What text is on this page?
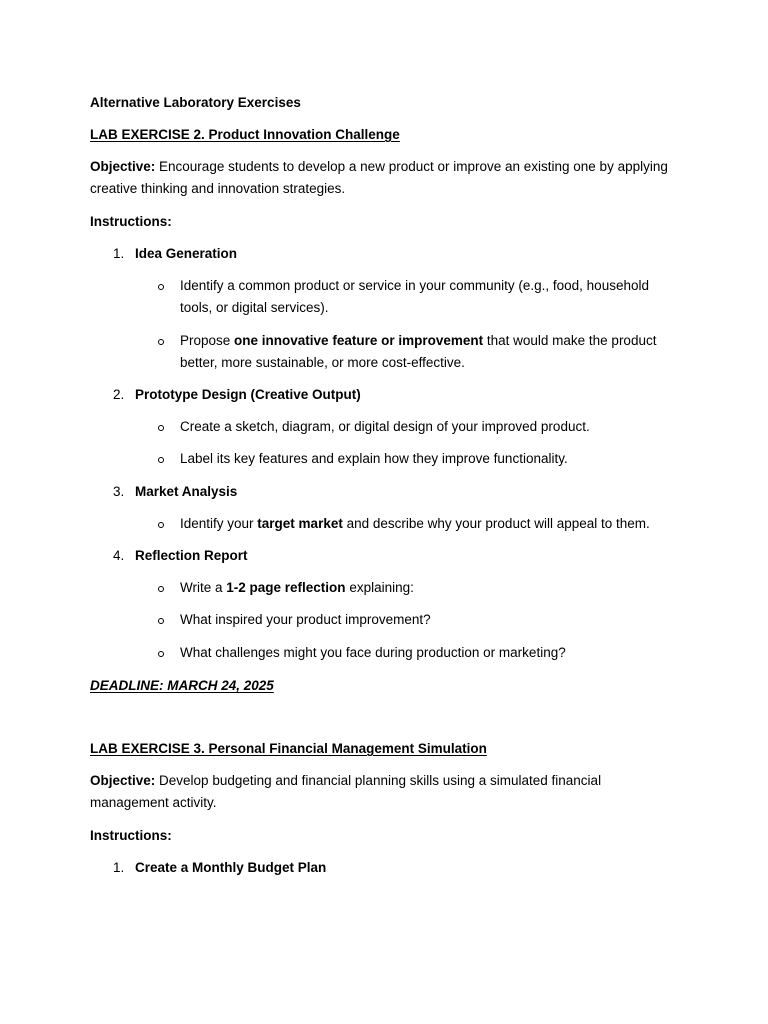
Alternative Laboratory Exercises
LAB EXERCISE 2. Product Innovation Challenge
Objective: Encourage students to develop a new product or improve an existing one by applying creative thinking and innovation strategies.
Instructions:
1. Idea Generation
Identify a common product or service in your community (e.g., food, household tools, or digital services).
Propose one innovative feature or improvement that would make the product better, more sustainable, or more cost-effective.
2. Prototype Design (Creative Output)
Create a sketch, diagram, or digital design of your improved product.
Label its key features and explain how they improve functionality.
3. Market Analysis
Identify your target market and describe why your product will appeal to them.
4. Reflection Report
Write a 1-2 page reflection explaining:
What inspired your product improvement?
What challenges might you face during production or marketing?
DEADLINE: MARCH 24, 2025
LAB EXERCISE 3. Personal Financial Management Simulation
Objective: Develop budgeting and financial planning skills using a simulated financial management activity.
Instructions:
1. Create a Monthly Budget Plan
